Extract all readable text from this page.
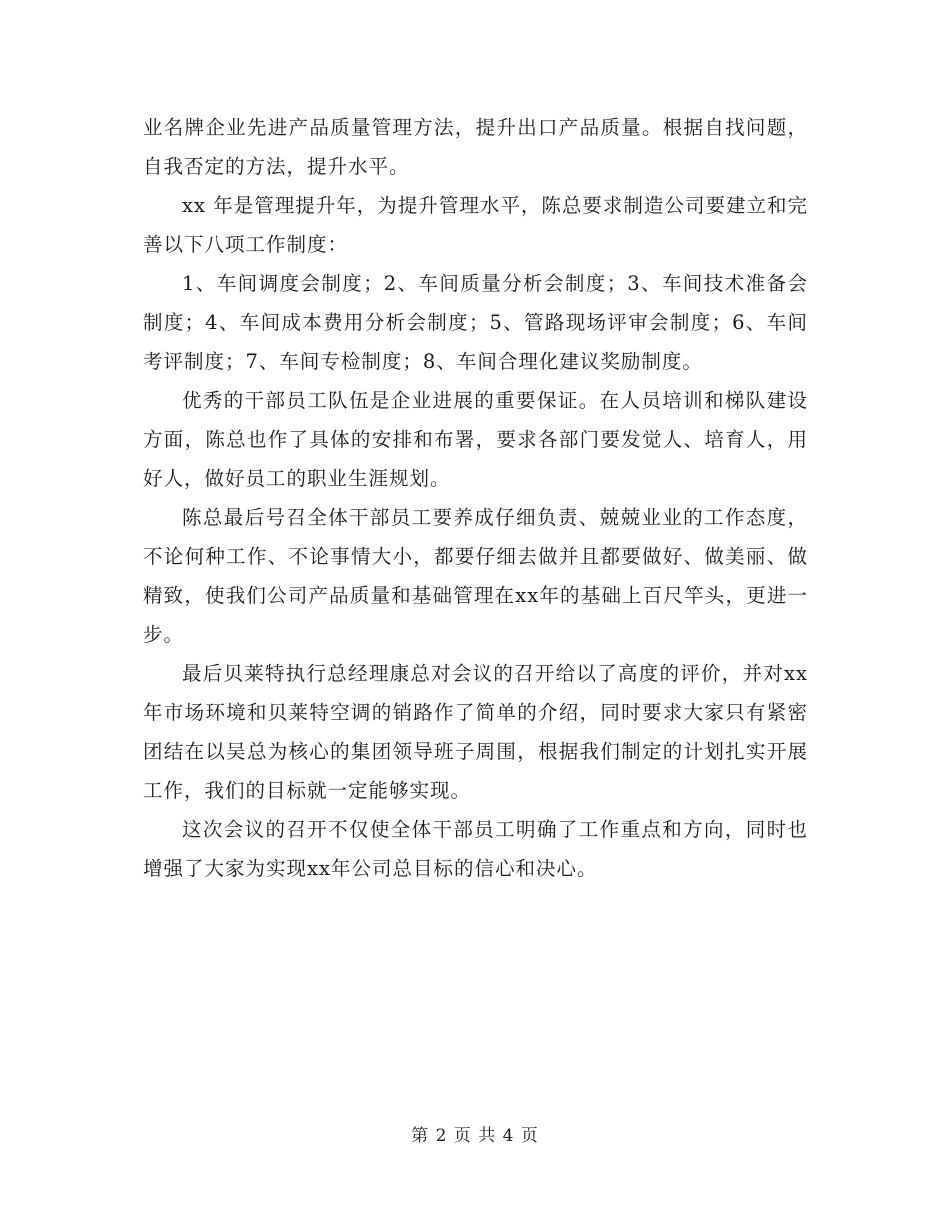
业名牌企业先进产品质量管理方法，提升出口产品质量。根据自找问题，自我否定的方法，提升水平。

xx 年是管理提升年，为提升管理水平，陈总要求制造公司要建立和完善以下八项工作制度：

1、车间调度会制度；2、车间质量分析会制度；3、车间技术准备会制度；4、车间成本费用分析会制度；5、管路现场评审会制度；6、车间考评制度；7、车间专检制度；8、车间合理化建议奖励制度。

优秀的干部员工队伍是企业进展的重要保证。在人员培训和梯队建设方面，陈总也作了具体的安排和布署，要求各部门要发觉人、培育人，用好人，做好员工的职业生涯规划。

陈总最后号召全体干部员工要养成仔细负责、兢兢业业的工作态度，不论何种工作、不论事情大小，都要仔细去做并且都要做好、做美丽、做精致，使我们公司产品质量和基础管理在xx年的基础上百尺竿头，更进一步。

最后贝莱特执行总经理康总对会议的召开给以了高度的评价，并对xx年市场环境和贝莱特空调的销路作了简单的介绍，同时要求大家只有紧密团结在以吴总为核心的集团领导班子周围，根据我们制定的计划扎实开展工作，我们的目标就一定能够实现。

这次会议的召开不仅使全体干部员工明确了工作重点和方向，同时也增强了大家为实现xx年公司总目标的信心和决心。

第 2 页 共 4 页
